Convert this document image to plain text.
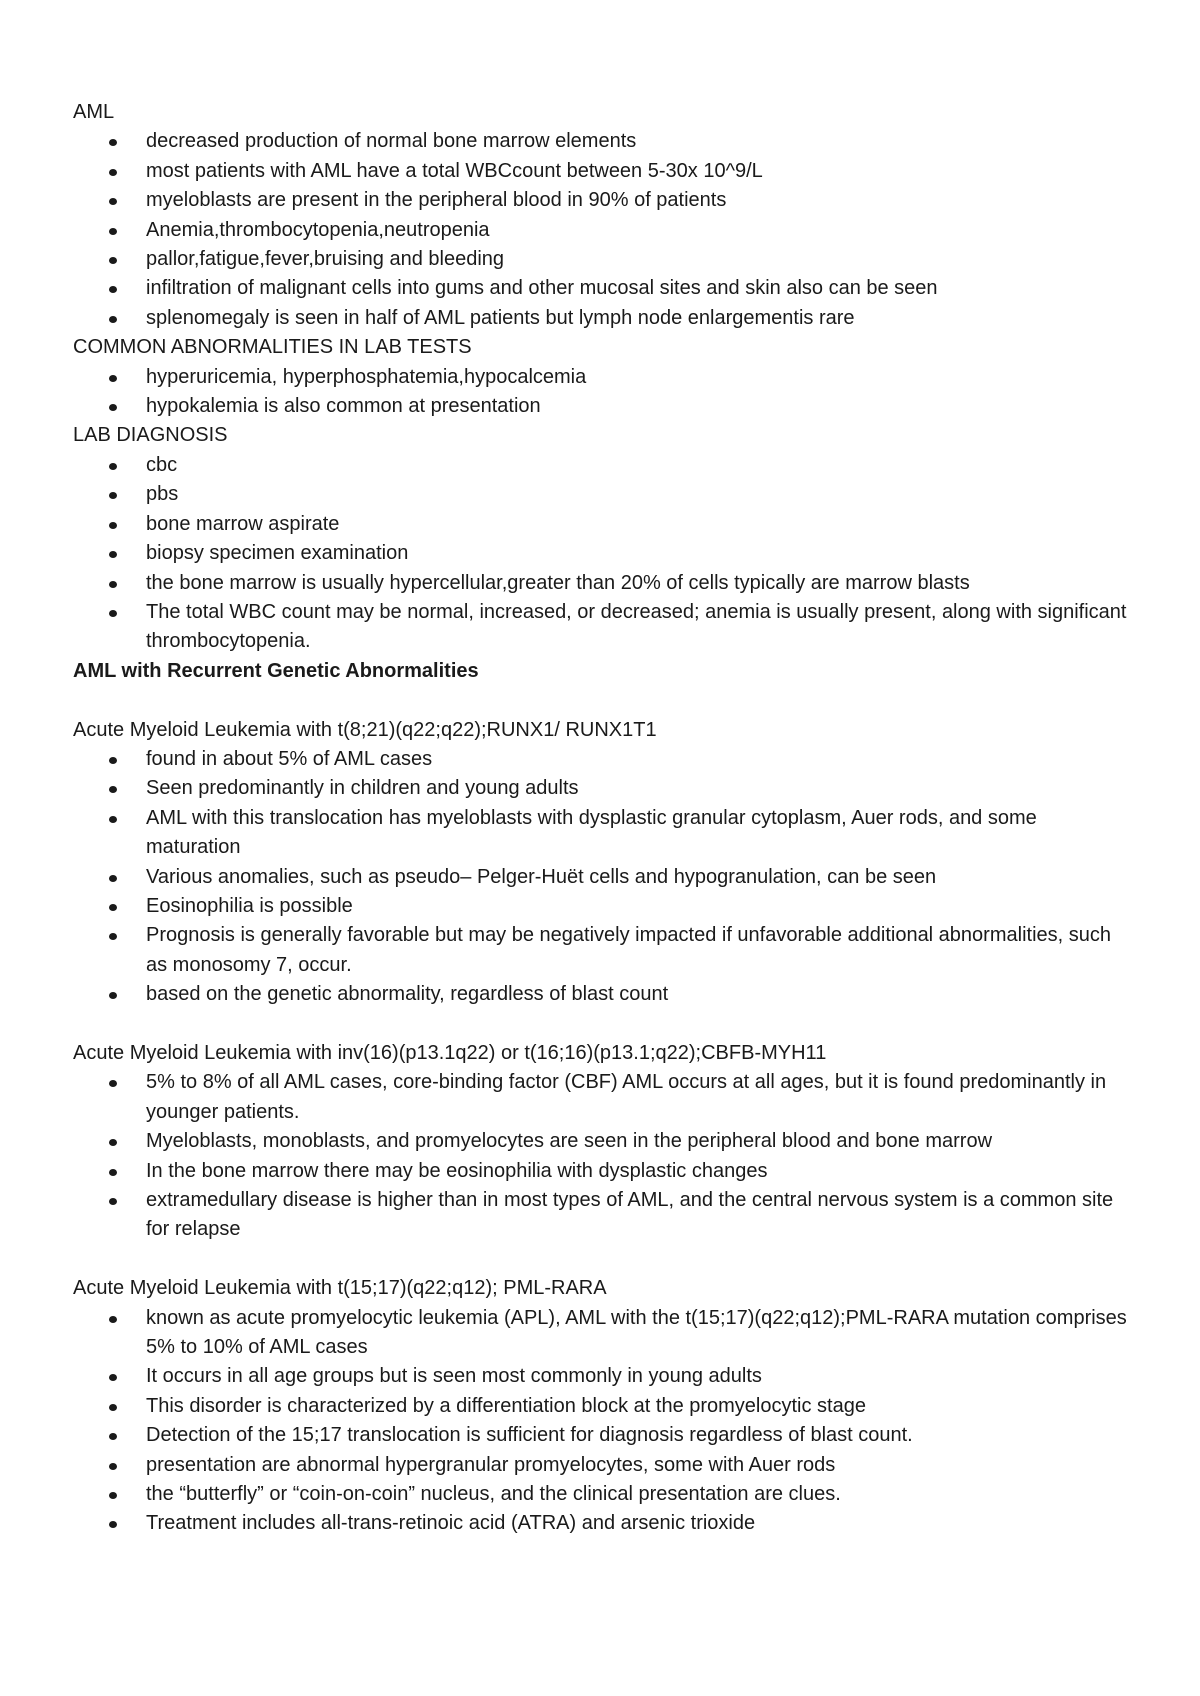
AML
decreased production of normal bone marrow elements
most patients with AML have a total WBCcount between 5-30x 10^9/L
myeloblasts are present in the peripheral blood in 90% of patients
Anemia,thrombocytopenia,neutropenia
pallor,fatigue,fever,bruising and bleeding
infiltration of malignant cells into gums and other mucosal sites and skin also can be seen
splenomegaly is seen in half of AML patients but lymph node enlargementis rare
COMMON ABNORMALITIES IN LAB TESTS
hyperuricemia, hyperphosphatemia,hypocalcemia
hypokalemia is also common at presentation
LAB DIAGNOSIS
cbc
pbs
bone marrow aspirate
biopsy specimen examination
the bone marrow is usually hypercellular,greater than 20% of cells typically are marrow blasts
The total WBC count may be normal, increased, or decreased; anemia is usually present, along with significant thrombocytopenia.
AML with Recurrent Genetic Abnormalities
Acute Myeloid Leukemia with t(8;21)(q22;q22);RUNX1/ RUNX1T1
found in about 5% of AML cases
Seen predominantly in children and young adults
AML with this translocation has myeloblasts with dysplastic granular cytoplasm, Auer rods, and some maturation
Various anomalies, such as pseudo– Pelger-Huët cells and hypogranulation, can be seen
Eosinophilia is possible
Prognosis is generally favorable but may be negatively impacted if unfavorable additional abnormalities, such as monosomy 7, occur.
based on the genetic abnormality, regardless of blast count
Acute Myeloid Leukemia with inv(16)(p13.1q22) or t(16;16)(p13.1;q22);CBFB-MYH11
5% to 8% of all AML cases, core-binding factor (CBF) AML occurs at all ages, but it is found predominantly in younger patients.
Myeloblasts, monoblasts, and promyelocytes are seen in the peripheral blood and bone marrow
In the bone marrow there may be eosinophilia with dysplastic changes
extramedullary disease is higher than in most types of AML, and the central nervous system is a common site for relapse
Acute Myeloid Leukemia with t(15;17)(q22;q12); PML-RARA
known as acute promyelocytic leukemia (APL), AML with the t(15;17)(q22;q12);PML-RARA mutation comprises 5% to 10% of AML cases
It occurs in all age groups but is seen most commonly in young adults
This disorder is characterized by a differentiation block at the promyelocytic stage
Detection of the 15;17 translocation is sufficient for diagnosis regardless of blast count.
presentation are abnormal hypergranular promyelocytes, some with Auer rods
the “butterfly” or “coin-on-coin” nucleus, and the clinical presentation are clues.
Treatment includes all-trans-retinoic acid (ATRA) and arsenic trioxide
